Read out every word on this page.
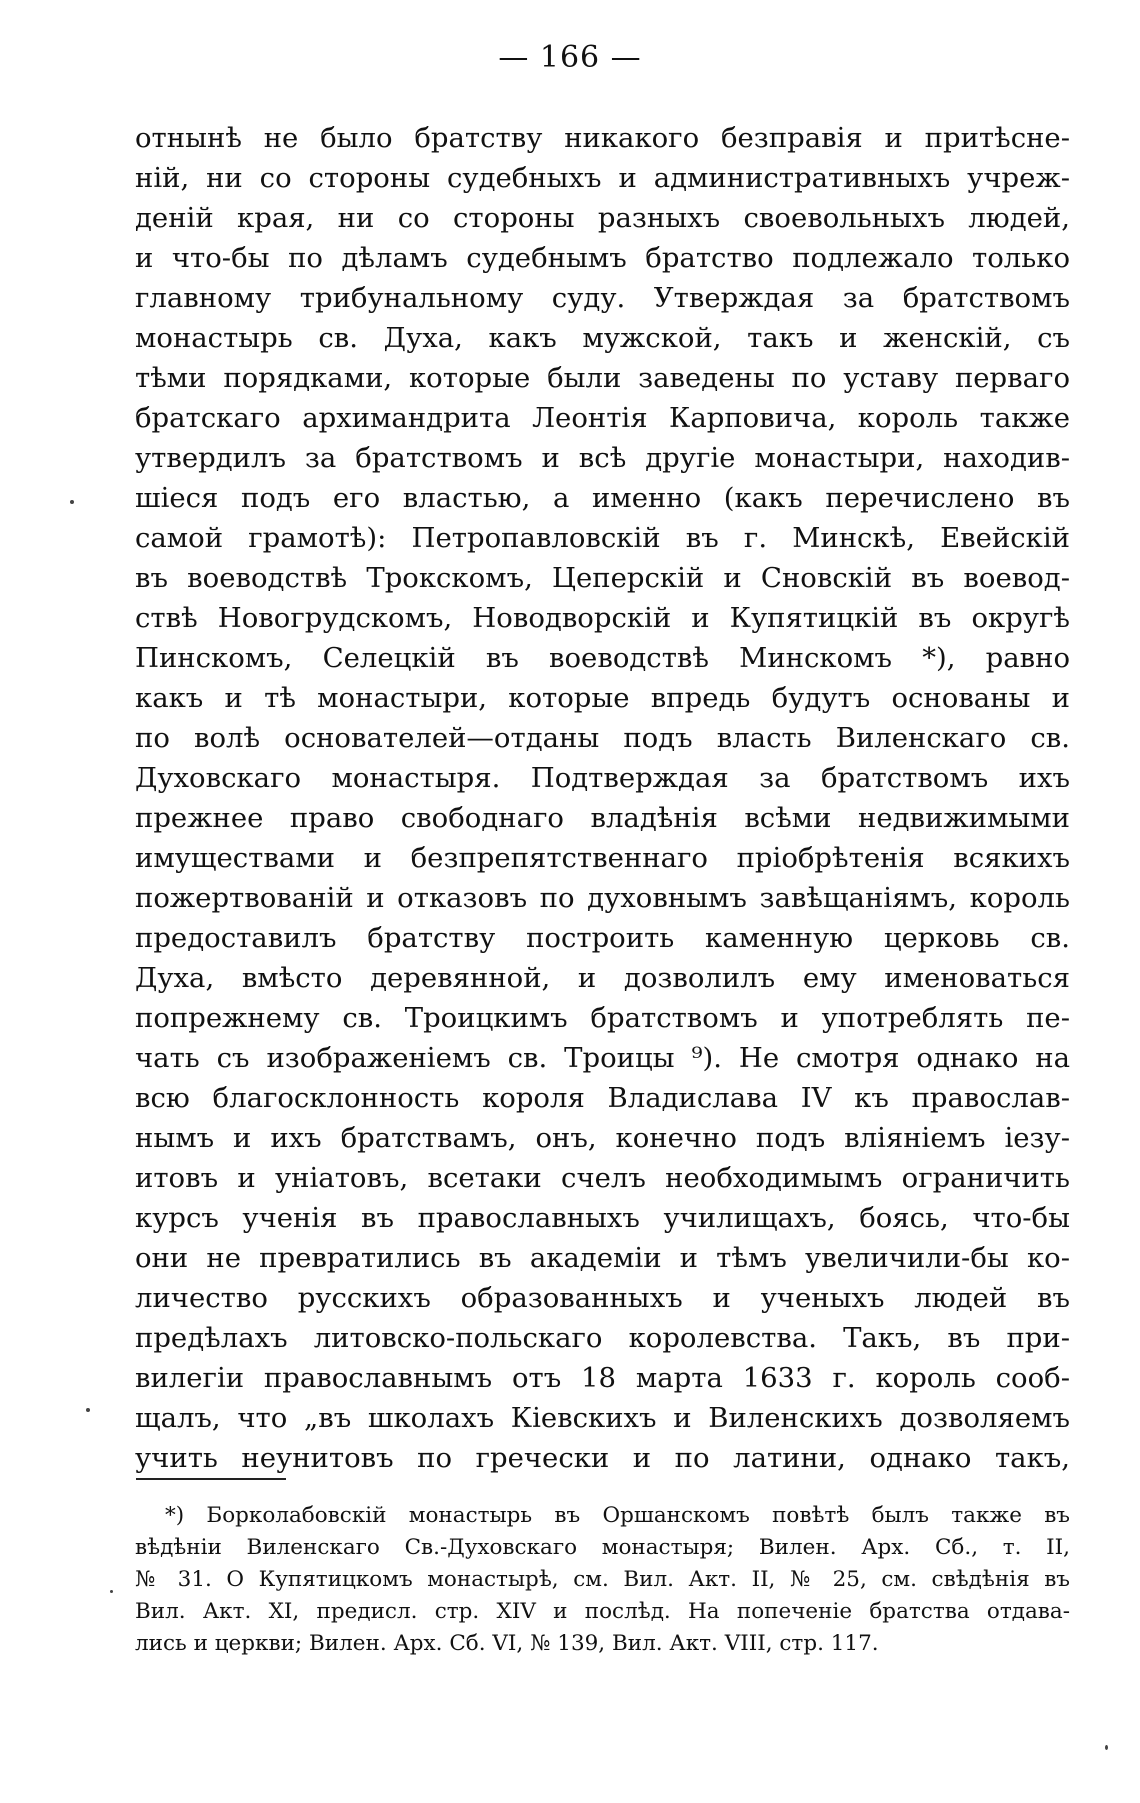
— 166 —
отнынѣ не было братству никакого безправія и притѣсне-
ній, ни со стороны судебныхъ и административныхъ учреж-
деній края, ни со стороны разныхъ своевольныхъ людей,
и что-бы по дѣламъ судебнымъ братство подлежало только
главному трибунальному суду. Утверждая за братствомъ
монастырь св. Духа, какъ мужской, такъ и женскій, съ
тѣми порядками, которые были заведены по уставу перваго
братскаго архимандрита Леонтія Карповича, король также
утвердилъ за братствомъ и всѣ другіе монастыри, находив-
шіеся подъ его властью, а именно (какъ перечислено въ
самой грамотѣ): Петропавловскій въ г. Минскѣ, Евейскій
въ воеводствѣ Трокскомъ, Цеперскій и Сновскій въ воевод-
ствѣ Новогрудскомъ, Новодворскій и Купятицкій въ округѣ
Пинскомъ, Селецкій въ воеводствѣ Минскомъ *), равно
какъ и тѣ монастыри, которые впредь будутъ основаны и
по волѣ основателей—отданы подъ власть Виленскаго св.
Духовскаго монастыря. Подтверждая за братствомъ ихъ
прежнее право свободнаго владѣнія всѣми недвижимыми
имуществами и безпрепятственнаго пріобрѣтенія всякихъ
пожертвованій и отказовъ по духовнымъ завѣщаніямъ, король
предоставилъ братству построить каменную церковь св.
Духа, вмѣсто деревянной, и дозволилъ ему именоваться
попрежнему св. Троицкимъ братствомъ и употреблять пе-
чать съ изображеніемъ св. Троицы ⁹). Не смотря однако на
всю благосклонность короля Владислава IV къ православ-
нымъ и ихъ братствамъ, онъ, конечно подъ вліяніемъ іезу-
итовъ и уніатовъ, всетаки счелъ необходимымъ ограничить
курсъ ученія въ православныхъ училищахъ, боясь, что-бы
они не превратились въ академіи и тѣмъ увеличили-бы ко-
личество русскихъ образованныхъ и ученыхъ людей въ
предѣлахъ литовско-польскаго королевства. Такъ, въ при-
вилегіи православнымъ отъ 18 марта 1633 г. король сооб-
щалъ, что „въ школахъ Кіевскихъ и Виленскихъ дозволяемъ
учить неунитовъ по гречески и по латини, однако такъ,
*) Борколабовскій монастырь въ Оршанскомъ повѣтѣ былъ также въ
вѣдѣніи Виленскаго Св.-Духовскаго монастыря; Вилен. Арх. Сб., т. II,
№ 31. О Купятицкомъ монастырѣ, см. Вил. Акт. II, № 25, см. свѣдѣнія въ
Вил. Акт. XI, предисл. стр. XIV и послѣд. На попеченіе братства отдава-
лись и церкви; Вилен. Арх. Сб. VI, № 139, Вил. Акт. VIII, стр. 117.
